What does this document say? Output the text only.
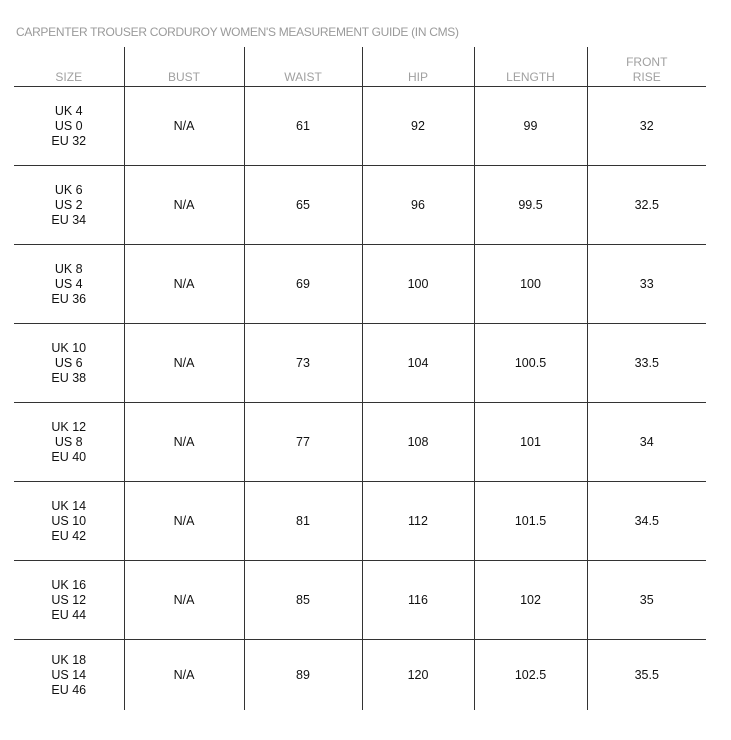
CARPENTER TROUSER CORDUROY WOMEN'S MEASUREMENT GUIDE (IN CMS)
SIZE	BUST	WAIST	HIP	LENGTH	FRONT
RISE

UK 4
US 0
EU 32	N/A	61	92	99	32

UK 6
US 2
EU 34	N/A	65	96	99.5	32.5

UK 8
US 4
EU 36	N/A	69	100	100	33

UK 10
US 6
EU 38	N/A	73	104	100.5	33.5

UK 12
US 8
EU 40	N/A	77	108	101	34

UK 14
US 10
EU 42	N/A	81	112	101.5	34.5

UK 16
US 12
EU 44	N/A	85	116	102	35

UK 18
US 14
EU 46	N/A	89	120	102.5	35.5
